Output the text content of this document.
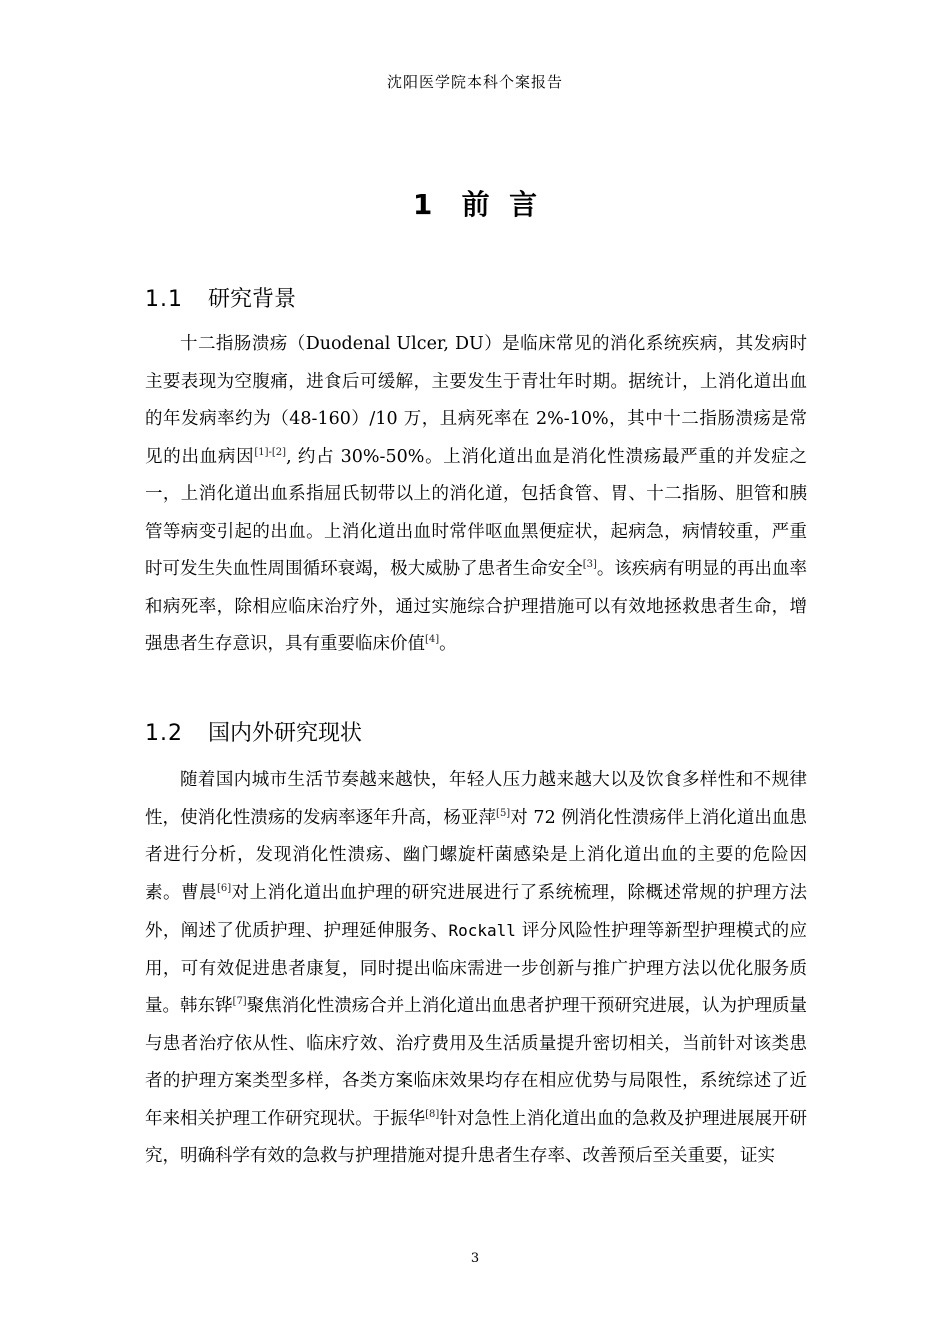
沈阳医学院本科个案报告
1 前  言
1.1 研究背景

十二指肠溃疡（Duodenal Ulcer, DU）是临床常见的消化系统疾病，其发病时主要表现为空腹痛，进食后可缓解，主要发生于青壮年时期。据统计，上消化道出血的年发病率约为（48-160）/10 万，且病死率在 2%-10%，其中十二指肠溃疡是常见的出血病因[1]-[2], 约占 30%-50%。上消化道出血是消化性溃疡最严重的并发症之一，上消化道出血系指屈氏韧带以上的消化道，包括食管、胃、十二指肠、胆管和胰管等病变引起的出血。上消化道出血时常伴呕血黑便症状，起病急，病情较重，严重时可发生失血性周围循环衰竭，极大威胁了患者生命安全[3]。该疾病有明显的再出血率和病死率，除相应临床治疗外，通过实施综合护理措施可以有效地拯救患者生命，增强患者生存意识，具有重要临床价值[4]。

1.2 国内外研究现状

随着国内城市生活节奏越来越快，年轻人压力越来越大以及饮食多样性和不规律性，使消化性溃疡的发病率逐年升高，杨亚萍[5]对 72 例消化性溃疡伴上消化道出血患者进行分析，发现消化性溃疡、幽门螺旋杆菌感染是上消化道出血的主要的危险因素。曹晨[6]对上消化道出血护理的研究进展进行了系统梳理，除概述常规的护理方法外，阐述了优质护理、护理延伸服务、Rockall 评分风险性护理等新型护理模式的应用，可有效促进患者康复，同时提出临床需进一步创新与推广护理方法以优化服务质量。韩东铧[7]聚焦消化性溃疡合并上消化道出血患者护理干预研究进展，认为护理质量与患者治疗依从性、临床疗效、治疗费用及生活质量提升密切相关，当前针对该类患者的护理方案类型多样，各类方案临床效果均存在相应优势与局限性，系统综述了近年来相关护理工作研究现状。于振华[8]针对急性上消化道出血的急救及护理进展展开研究，明确科学有效的急救与护理措施对提升患者生存率、改善预后至关重要，证实

3
